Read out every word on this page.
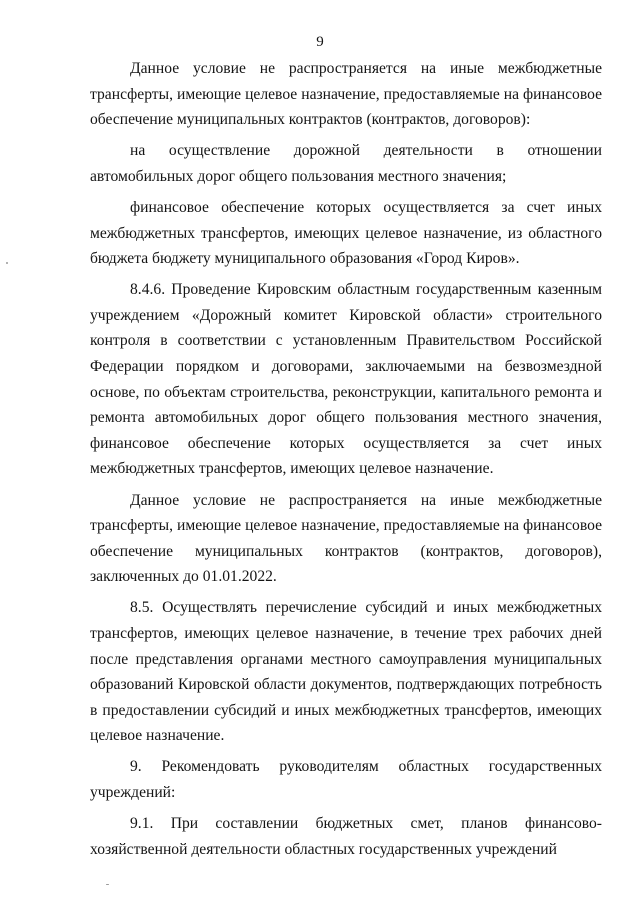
9

Данное условие не распространяется на иные межбюджетные трансферты, имеющие целевое назначение, предоставляемые на финансовое обеспечение муниципальных контрактов (контрактов, договоров):

на осуществление дорожной деятельности в отношении автомобильных дорог общего пользования местного значения;

финансовое обеспечение которых осуществляется за счет иных межбюджетных трансфертов, имеющих целевое назначение, из областного бюджета бюджету муниципального образования «Город Киров».

8.4.6. Проведение Кировским областным государственным казенным учреждением «Дорожный комитет Кировской области» строительного контроля в соответствии с установленным Правительством Российской Федерации порядком и договорами, заключаемыми на безвозмездной основе, по объектам строительства, реконструкции, капитального ремонта и ремонта автомобильных дорог общего пользования местного значения, финансовое обеспечение которых осуществляется за счет иных межбюджетных трансфертов, имеющих целевое назначение.

Данное условие не распространяется на иные межбюджетные трансферты, имеющие целевое назначение, предоставляемые на финансовое обеспечение муниципальных контрактов (контрактов, договоров), заключенных до 01.01.2022.

8.5. Осуществлять перечисление субсидий и иных межбюджетных трансфертов, имеющих целевое назначение, в течение трех рабочих дней после представления органами местного самоуправления муниципальных образований Кировской области документов, подтверждающих потребность в предоставлении субсидий и иных межбюджетных трансфертов, имеющих целевое назначение.

9. Рекомендовать руководителям областных государственных учреждений:

9.1. При составлении бюджетных смет, планов финансово-хозяйственной деятельности областных государственных учреждений
